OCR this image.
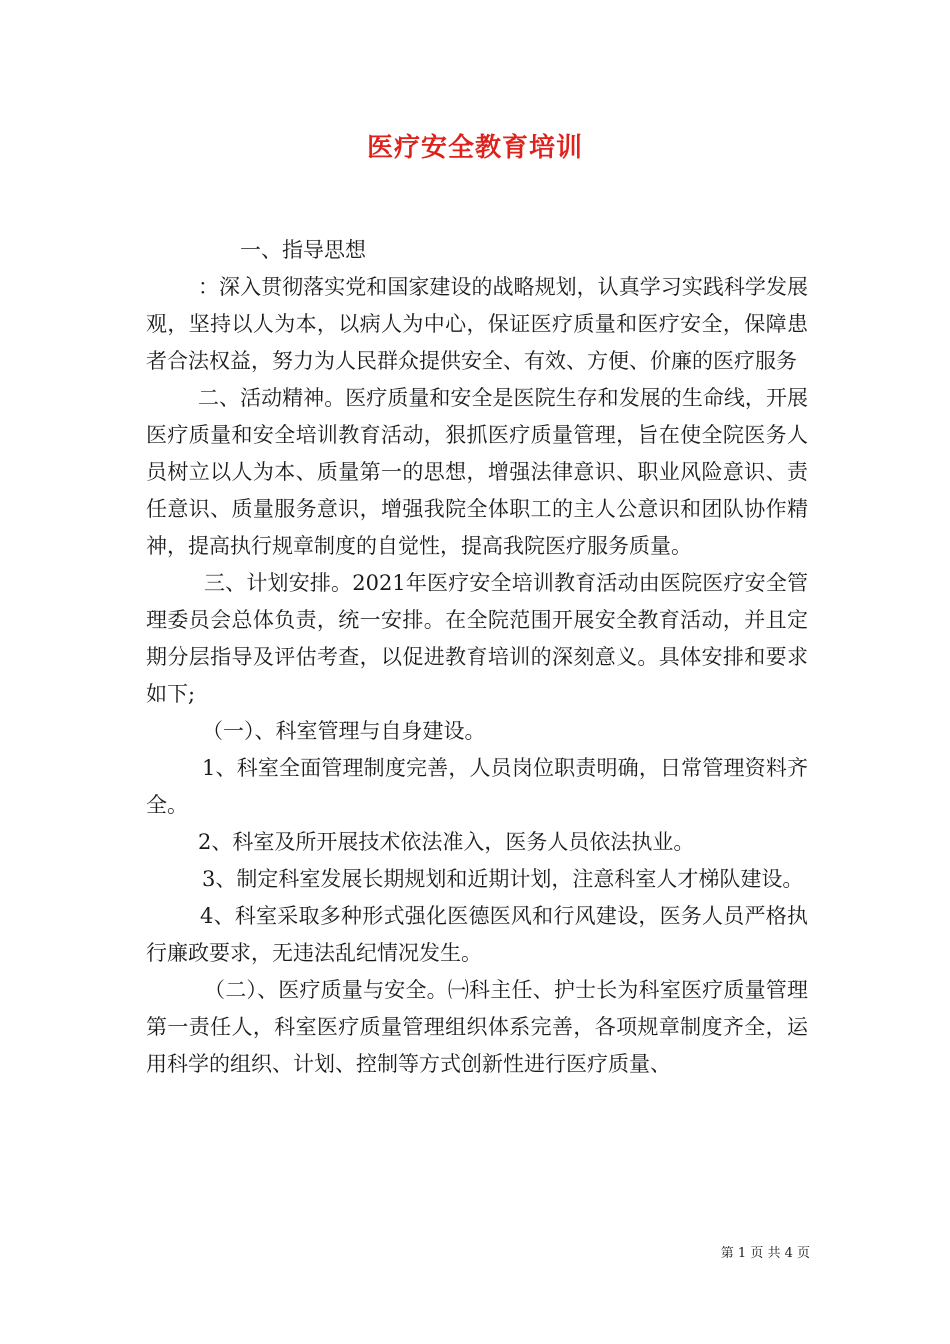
医疗安全教育培训

一、指导思想

：深入贯彻落实党和国家建设的战略规划，认真学习实践科学发展观，坚持以人为本，以病人为中心，保证医疗质量和医疗安全，保障患者合法权益，努力为人民群众提供安全、有效、方便、价廉的医疗服务

二、活动精神。医疗质量和安全是医院生存和发展的生命线，开展医疗质量和安全培训教育活动，狠抓医疗质量管理，旨在使全院医务人员树立以人为本、质量第一的思想，增强法律意识、职业风险意识、责任意识、质量服务意识，增强我院全体职工的主人公意识和团队协作精神，提高执行规章制度的自觉性，提高我院医疗服务质量。

三、计划安排。2021年医疗安全培训教育活动由医院医疗安全管理委员会总体负责，统一安排。在全院范围开展安全教育活动，并且定期分层指导及评估考查，以促进教育培训的深刻意义。具体安排和要求如下;

（一）、科室管理与自身建设。

1、科室全面管理制度完善，人员岗位职责明确，日常管理资料齐全。

2、科室及所开展技术依法准入，医务人员依法执业。

3、制定科室发展长期规划和近期计划，注意科室人才梯队建设。

4、科室采取多种形式强化医德医风和行风建设，医务人员严格执行廉政要求，无违法乱纪情况发生。

（二）、医疗质量与安全。㈠科主任、护士长为科室医疗质量管理第一责任人，科室医疗质量管理组织体系完善，各项规章制度齐全，运用科学的组织、计划、控制等方式创新性进行医疗质量、

第 1 页 共 4 页
